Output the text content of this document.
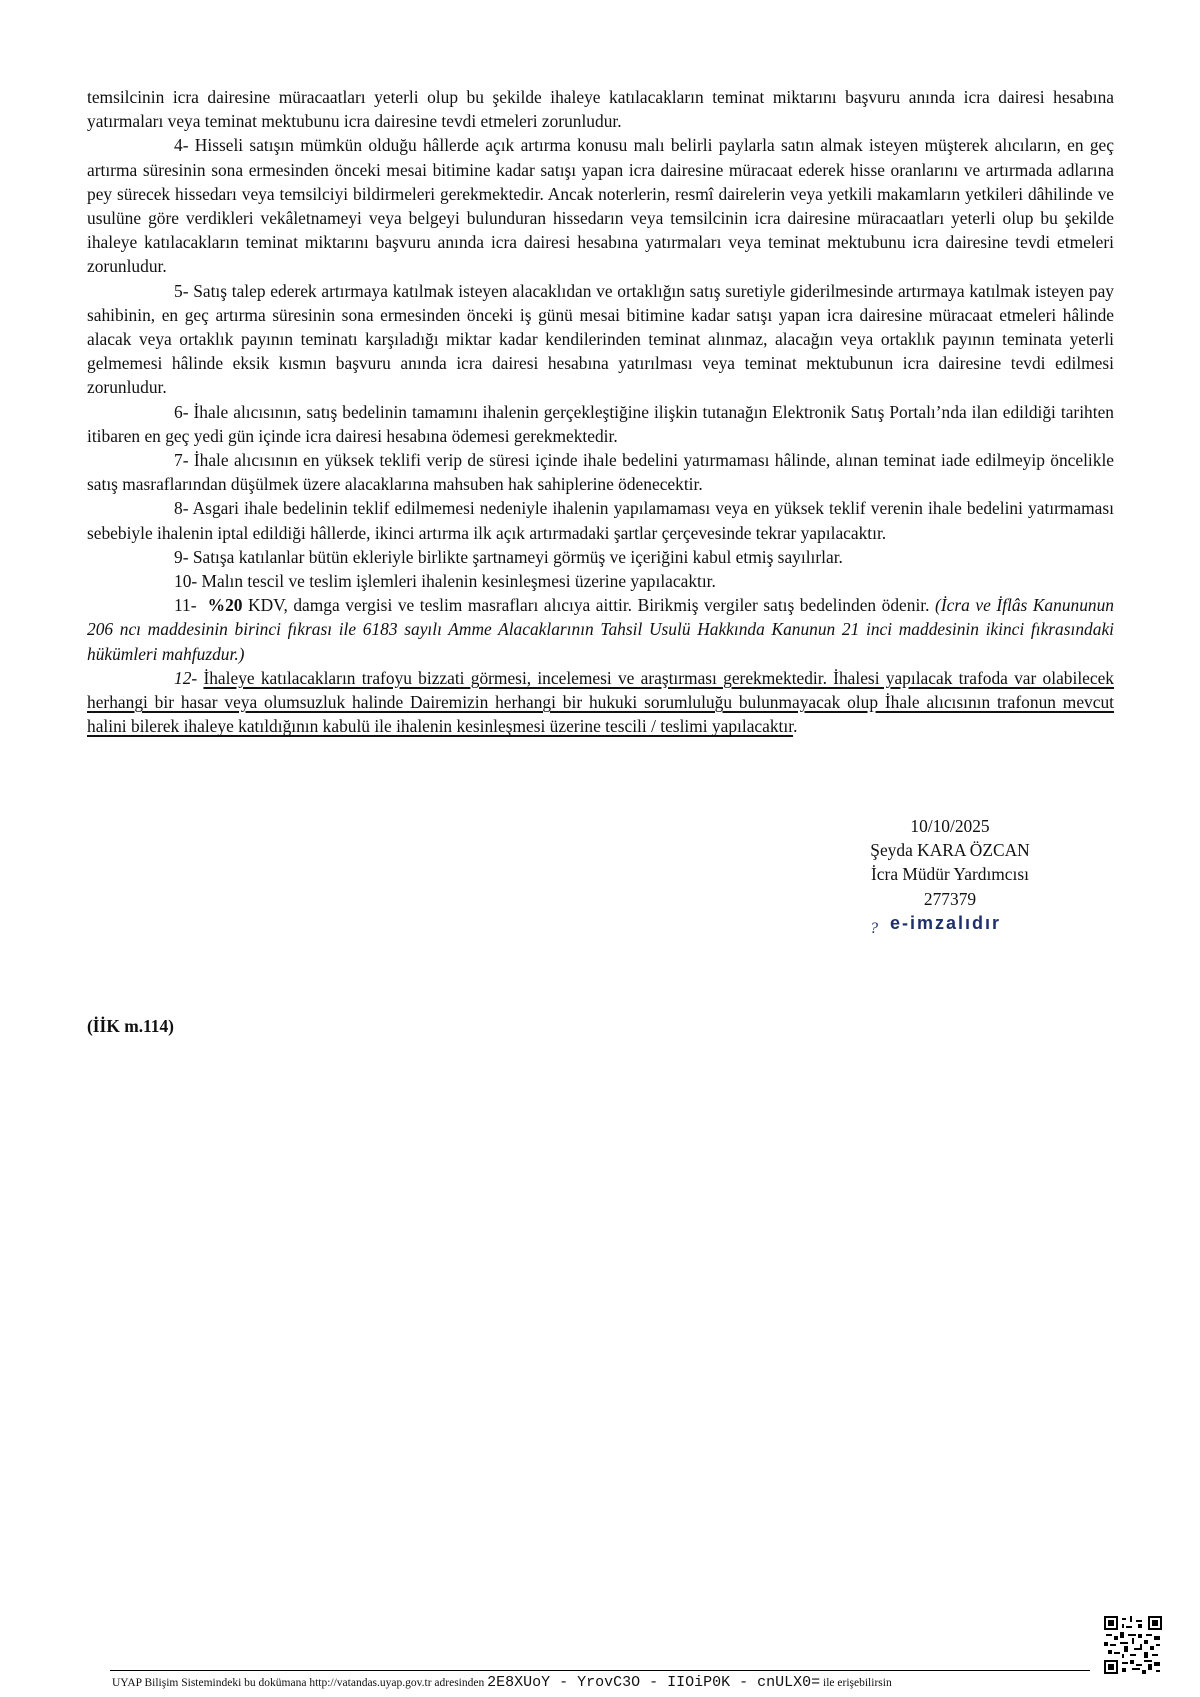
temsilcinin icra dairesine müracaatları yeterli olup bu şekilde ihaleye katılacakların teminat miktarını başvuru anında icra dairesi hesabına yatırmaları veya teminat mektubunu icra dairesine tevdi etmeleri zorunludur.

4- Hisseli satışın mümkün olduğu hâllerde açık artırma konusu malı belirli paylarla satın almak isteyen müşterek alıcıların, en geç artırma süresinin sona ermesinden önceki mesai bitimine kadar satışı yapan icra dairesine müracaat ederek hisse oranlarını ve artırmada adlarına pey sürecek hissedarı veya temsilciyi bildirmeleri gerekmektedir. Ancak noterlerin, resmî dairelerin veya yetkili makamların yetkileri dâhilinde ve usulüne göre verdikleri vekâletnameyi veya belgeyi bulunduran hissedarın veya temsilcinin icra dairesine müracaatları yeterli olup bu şekilde ihaleye katılacakların teminat miktarını başvuru anında icra dairesi hesabına yatırmaları veya teminat mektubunu icra dairesine tevdi etmeleri zorunludur.

5- Satış talep ederek artırmaya katılmak isteyen alacaklıdan ve ortaklığın satış suretiyle giderilmesinde artırmaya katılmak isteyen pay sahibinin, en geç artırma süresinin sona ermesinden önceki iş günü mesai bitimine kadar satışı yapan icra dairesine müracaat etmeleri hâlinde alacak veya ortaklık payının teminatı karşıladığı miktar kadar kendilerinden teminat alınmaz, alacağın veya ortaklık payının teminata yeterli gelmemesi hâlinde eksik kısmın başvuru anında icra dairesi hesabına yatırılması veya teminat mektubunun icra dairesine tevdi edilmesi zorunludur.

6- İhale alıcısının, satış bedelinin tamamını ihalenin gerçekleştiğine ilişkin tutanağın Elektronik Satış Portalı’nda ilan edildiği tarihten itibaren en geç yedi gün içinde icra dairesi hesabına ödemesi gerekmektedir.

7- İhale alıcısının en yüksek teklifi verip de süresi içinde ihale bedelini yatırmaması hâlinde, alınan teminat iade edilmeyip öncelikle satış masraflarından düşülmek üzere alacaklarına mahsuben hak sahiplerine ödenecektir.

8- Asgari ihale bedelinin teklif edilmemesi nedeniyle ihalenin yapılamaması veya en yüksek teklif verenin ihale bedelini yatırmaması sebebiyle ihalenin iptal edildiği hâllerde, ikinci artırma ilk açık artırmadaki şartlar çerçevesinde tekrar yapılacaktır.

9- Satışa katılanlar bütün ekleriyle birlikte şartnameyi görmüş ve içeriğini kabul etmiş sayılırlar.

10- Malın tescil ve teslim işlemleri ihalenin kesinleşmesi üzerine yapılacaktır.

11- %20 KDV, damga vergisi ve teslim masrafları alıcıya aittir. Birikmiş vergiler satış bedelinden ödenir. (İcra ve İflâs Kanununun 206 ncı maddesinin birinci fıkrası ile 6183 sayılı Amme Alacaklarının Tahsil Usulü Hakkında Kanunun 21 inci maddesinin ikinci fıkrasındaki hükümleri mahfuzdur.)

12- İhaleye katılacakların trafoyu bizzati görmesi, incelemesi ve araştırması gerekmektedir. İhalesi yapılacak trafoda var olabilecek herhangi bir hasar veya olumsuzluk halinde Dairemizin herhangi bir hukuki sorumluluğu bulunmayacak olup İhale alıcısının trafonun mevcut halini bilerek ihaleye katıldığının kabulü ile ihalenin kesinleşmesi üzerine tescili / teslimi yapılacaktır.

10/10/2025
Şeyda KARA ÖZCAN
İcra Müdür Yardımcısı
277379
? e-imzalıdır
(İİK m.114)
UYAP Bilişim Sistemindeki bu dokümana http://vatandas.uyap.gov.tr adresinden 2E8XUoY - YrovC3O - IIOiP0K - cnULX0= ile erişebilirsin
